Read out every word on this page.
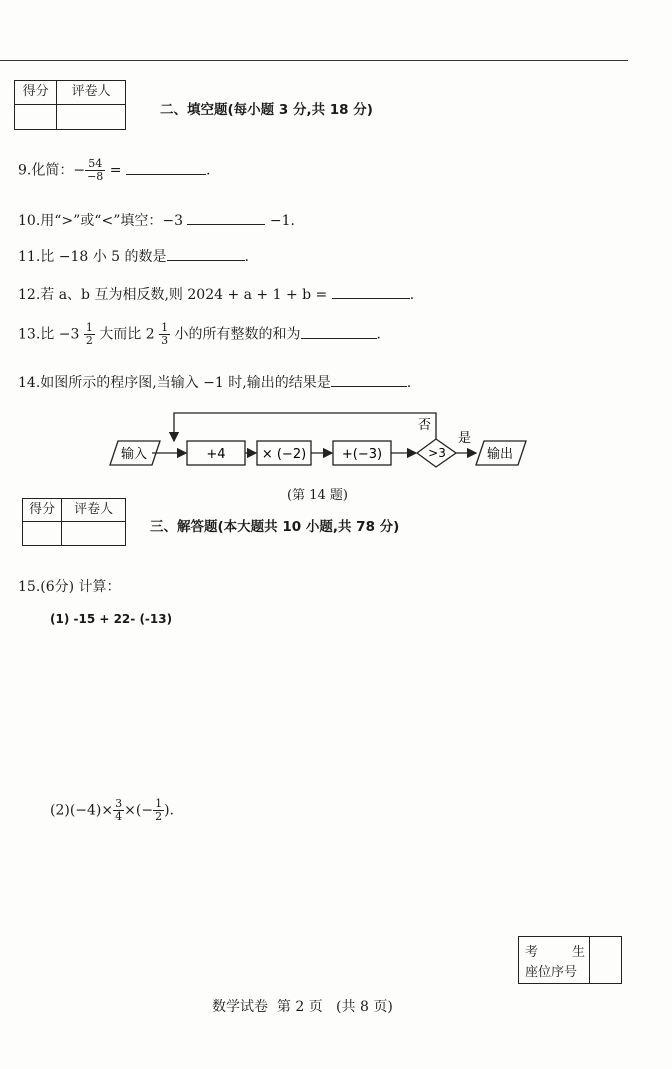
得分	评卷人
二、填空题(每小题 3 分,共 18 分)
9.化简：− $\frac{54}{-8}$ =	.
10.用“>”或“<”填空：−3	−1.
11.比 −18 小 5 的数是	.
12.若 a、b 互为相反数,则 2024 + a + 1 + b =	.
13.比 $-3 \frac{1}{2}$ 大而比 $2 \frac{1}{3}$ 小的所有整数的和为	.
14.如图所示的程序图,当输入 −1 时,输出的结果是	.
输入	+4	× (−2)	+(−3)	>3
否
是
输出
(第 14 题)
得分	评卷人
三、解答题(本大题共 10 小题,共 78 分)
15.(6分) 计算：
(1) -15 + 22- (-13)
$(2)(-4)\times \frac{3}{4}$ ×(− $\frac{1}{2}$ ).
考	生
座位序号
数学试卷  第 2 页   (共 8 页)
